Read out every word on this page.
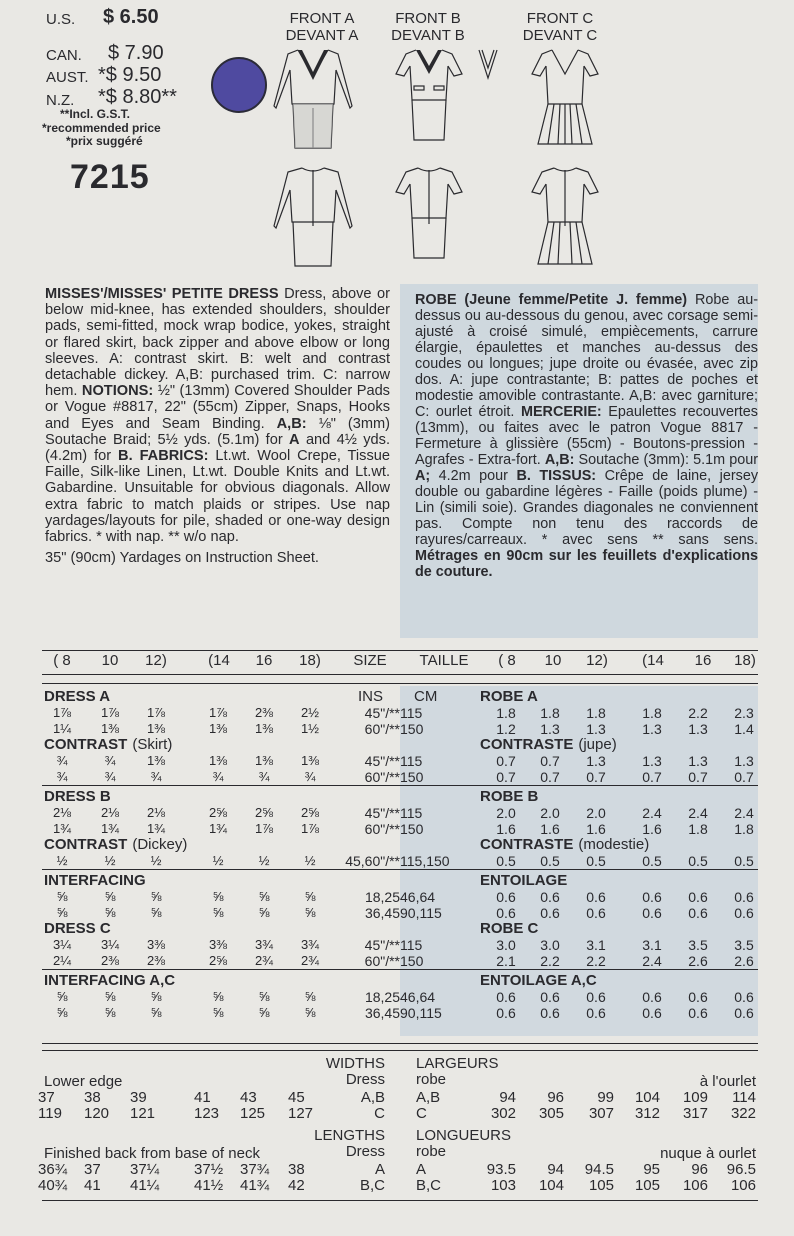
U.S. $ 6.50
CAN. $ 7.90
AUST. *$ 9.50
N.Z. *$ 8.80**
**Incl. G.S.T.
*recommended price
*prix suggéré
7215
FRONT A
DEVANT A
FRONT B
DEVANT B
FRONT C
DEVANT C
MISSES'/MISSES' PETITE DRESS Dress, above or below mid-knee, has extended shoulders, shoulder pads, semi-fitted, mock wrap bodice, yokes, straight or flared skirt, back zipper and above elbow or long sleeves. A: contrast skirt. B: welt and contrast detachable dickey. A,B: purchased trim. C: narrow hem. NOTIONS: ½" (13mm) Covered Shoulder Pads or Vogue #8817, 22" (55cm) Zipper, Snaps, Hooks and Eyes and Seam Binding. A,B: ⅛" (3mm) Soutache Braid; 5½ yds. (5.1m) for A and 4½ yds. (4.2m) for B. FABRICS: Lt.wt. Wool Crepe, Tissue Faille, Silk-like Linen, Lt.wt. Double Knits and Lt.wt. Gabardine. Unsuitable for obvious diagonals. Allow extra fabric to match plaids or stripes. Use nap yardages/layouts for pile, shaded or one-way design fabrics. * with nap. ** w/o nap.
35" (90cm) Yardages on Instruction Sheet.
ROBE (Jeune femme/Petite J. femme) Robe au-dessus ou au-dessous du genou, avec corsage semi-ajusté à croisé simulé, empiècements, carrure élargie, épaulettes et manches au-dessus des coudes ou longues; jupe droite ou évasée, avec zip dos. A: jupe contrastante; B: pattes de poches et modestie amovible contrastante. A,B: avec garniture; C: ourlet étroit. MERCERIE: Epaulettes recouvertes (13mm), ou faites avec le patron Vogue 8817 - Fermeture à glissière (55cm) - Boutons-pression - Agrafes - Extra-fort. A,B: Soutache (3mm): 5.1m pour A; 4.2m pour B. TISSUS: Crêpe de laine, jersey double ou gabardine légères - Faille (poids plume) - Lin (simili soie). Grandes diagonales ne conviennent pas. Compte non tenu des raccords de rayures/carreaux. * avec sens ** sans sens. Métrages en 90cm sur les feuillets d'explications de couture.
( 8 10 12)	(14 16 18) SIZE	TAILLE	( 8	10	12)	(14	16	18)
DRESS A	ROBE A
INS CM
1⅞	1⅞	1⅞	1⅞	2⅜	2½	45"/** 115	1.8	1.8	1.8	1.8	2.2	2.3
1¼	1⅜	1⅜	1⅜	1⅜	1½	60"/** 150	1.2	1.3	1.3	1.3	1.3	1.4
CONTRAST (Skirt)	CONTRASTE (jupe)
¾	¾	1⅜	1⅜	1⅜	1⅜	45"/** 115	0.7	0.7	1.3	1.3	1.3	1.3
¾	¾	¾	¾	¾	¾	60"/** 150	0.7	0.7	0.7	0.7	0.7	0.7
DRESS B	ROBE B
2⅛	2⅛	2⅛	2⅝	2⅝	2⅝	45"/** 115	2.0	2.0	2.0	2.4	2.4	2.4
1¾	1¾	1¾	1¾	1⅞	1⅞	60"/** 150	1.6	1.6	1.6	1.6	1.8	1.8
CONTRAST (Dickey)	CONTRASTE (modestie)
½	½	½	½	½	½	45,60"/** 115,150	0.5	0.5	0.5	0.5	0.5	0.5
INTERFACING	ENTOILAGE
⅝	⅝	⅝	⅝	⅝	⅝	18,25 46,64	0.6	0.6	0.6	0.6	0.6	0.6
⅝	⅝	⅝	⅝	⅝	⅝	36,45 90,115	0.6	0.6	0.6	0.6	0.6	0.6
DRESS C	ROBE C
3¼	3¼	3⅜	3⅜	3¾	3¾	45"/** 115	3.0	3.0	3.1	3.1	3.5	3.5
2¼	2⅜	2⅜	2⅝	2¾	2¾	60"/** 150	2.1	2.2	2.2	2.4	2.6	2.6
INTERFACING A,C	ENTOILAGE A,C
⅝	⅝	⅝	⅝	⅝	⅝	18,25 46,64	0.6	0.6	0.6	0.6	0.6	0.6
⅝	⅝	⅝	⅝	⅝	⅝	36,45 90,115	0.6	0.6	0.6	0.6	0.6	0.6
WIDTHS LARGEURS
Dress robe
Lower edge	à l'ourlet
37 38 39	41 43 45	A,B A,B	94 96 99 104 109 114
119 120 121	123 125 127	C C	302 305 307 312 317 322
LENGTHS LONGUEURS
Dress robe
Finished back from base of neck	nuque à ourlet
36¾ 37 37¼ 37½ 37¾ 38	A A	93.5 94 94.5 95 96 96.5
40¾ 41 41¼ 41½ 41¾ 42	B,C B,C	103 104 105 105 106 106
